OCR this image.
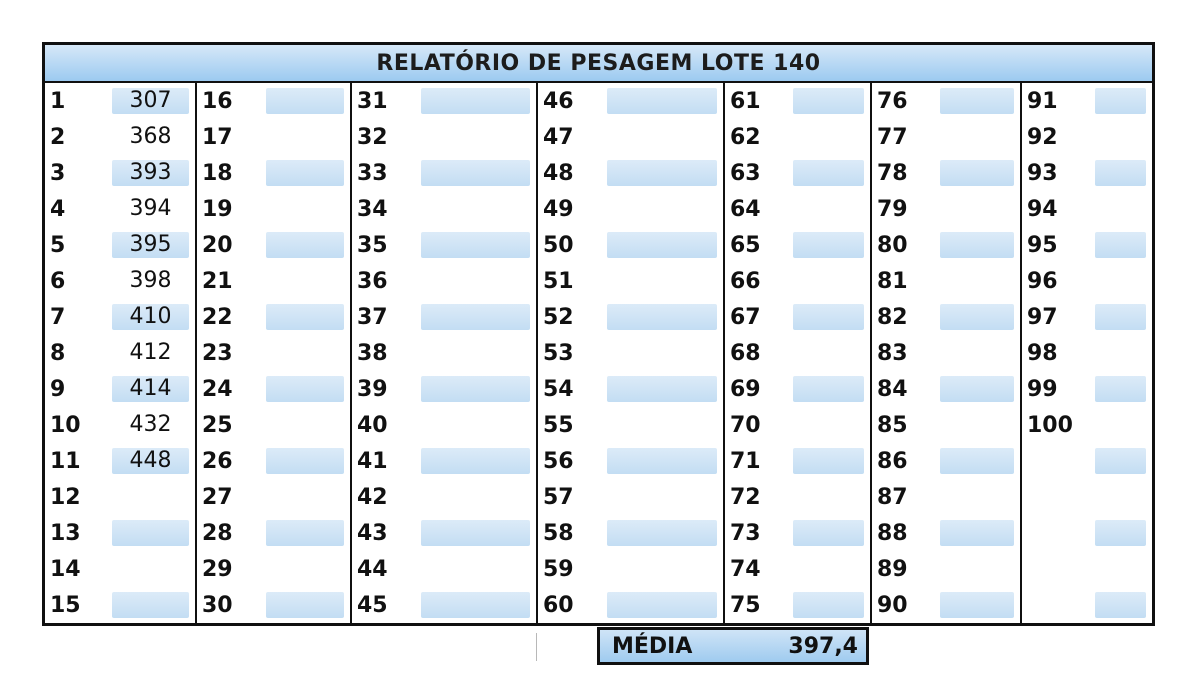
RELATÓRIO DE PESAGEM LOTE 140
1	307	16		31		46		61		76		91	

2	368	17		32		47		62		77		92	

3	393	18		33		48		63		78		93	

4	394	19		34		49		64		79		94	

5	395	20		35		50		65		80		95	

6	398	21		36		51		66		81		96	

7	410	22		37		52		67		82		97	

8	412	23		38		53		68		83		98	

9	414	24		39		54		69		84		99	

10	432	25		40		55		70		85		100	

11	448	26		41		56		71		86	

12		27		42		57		72		87	

13		28		43		58		73		88	

14		29		44		59		74		89	

15		30		45		60		75		90	

MÉDIA	397,4
